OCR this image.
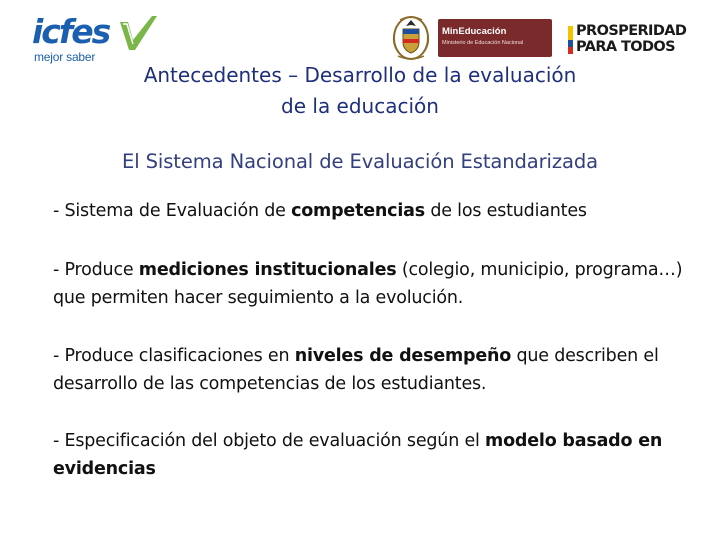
icfes
mejor saber
MinEducación
Ministerio de Educación Nacional
PROSPERIDAD
PARA TODOS
Antecedentes – Desarrollo de la evaluación de la educación
El Sistema Nacional de Evaluación Estandarizada
- Sistema de Evaluación de competencias de los estudiantes
- Produce mediciones institucionales (colegio, municipio, programa…) que permiten hacer seguimiento a la evolución.
- Produce clasificaciones en niveles de desempeño que describen el desarrollo de las competencias de los estudiantes.
- Especificación del objeto de evaluación según el modelo basado en evidencias
